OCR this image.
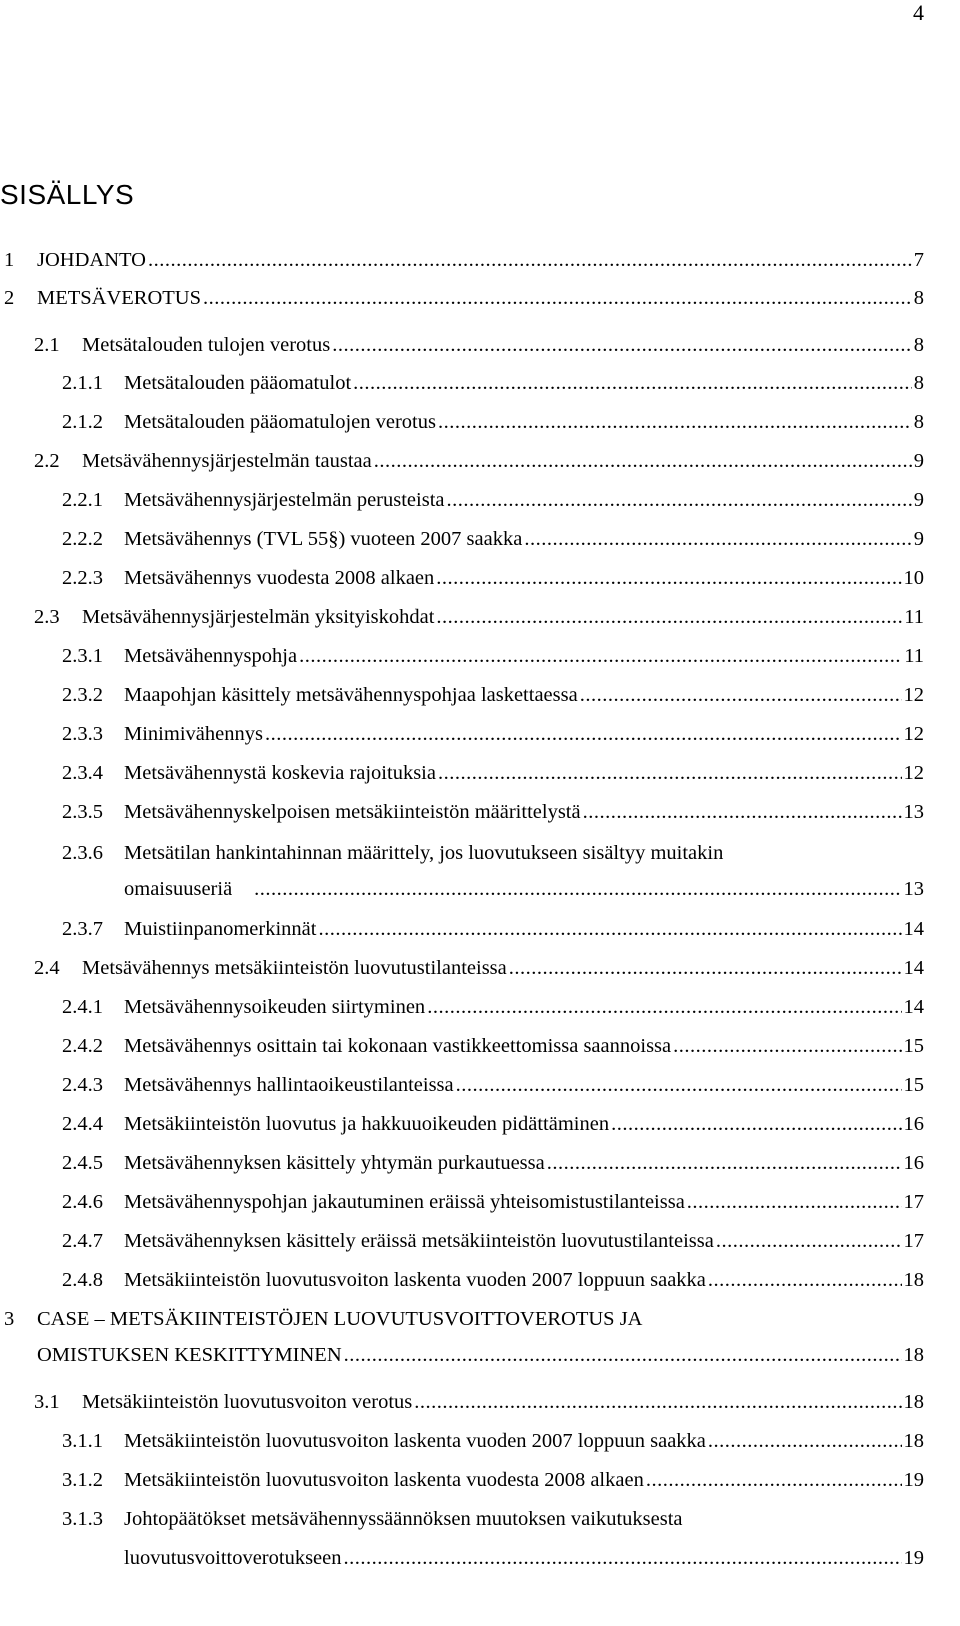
4
SISÄLLYS
1	JOHDANTO .....	7
2	METSÄVEROTUS .....	8
2.1	Metsätalouden tulojen verotus .....	8
2.1.1	Metsätalouden pääomatulot .....	8
2.1.2	Metsätalouden pääomatulojen verotus .....	8
2.2	Metsävähennysjärjestelmän taustaa .....	9
2.2.1	Metsävähennysjärjestelmän perusteista .....	9
2.2.2	Metsävähennys (TVL 55§) vuoteen 2007 saakka .....	9
2.2.3	Metsävähennys vuodesta 2008 alkaen .....	10
2.3	Metsävähennysjärjestelmän yksityiskohdat .....	11
2.3.1	Metsävähennyspohja .....	11
2.3.2	Maapohjan käsittely metsävähennyspohjaa laskettaessa .....	12
2.3.3	Minimivähennys .....	12
2.3.4	Metsävähennystä koskevia rajoituksia .....	12
2.3.5	Metsävähennyskelpoisen metsäkiinteistön määrittelystä .....	13
2.3.6 Metsätilan hankintahinnan määrittely, jos luovutukseen sisältyy muitakin
omaisuuseriä .....	13
2.3.7	Muistiinpanomerkinnät .....	14
2.4	Metsävähennys metsäkiinteistön luovutustilanteissa .....	14
2.4.1	Metsävähennysoikeuden siirtyminen .....	14
2.4.2	Metsävähennys osittain tai kokonaan vastikkeettomissa saannoissa .....	15
2.4.3	Metsävähennys hallintaoikeustilanteissa .....	15
2.4.4	Metsäkiinteistön luovutus ja hakkuuoikeuden pidättäminen .....	16
2.4.5	Metsävähennyksen käsittely yhtymän purkautuessa .....	16
2.4.6	Metsävähennyspohjan jakautuminen eräissä yhteisomistustilanteissa .....	17
2.4.7	Metsävähennyksen käsittely eräissä metsäkiinteistön luovutustilanteissa .....	17
2.4.8	Metsäkiinteistön luovutusvoiton laskenta vuoden 2007 loppuun saakka .....	18
3 CASE – METSÄKIINTEISTÖJEN LUOVUTUSVOITTOVEROTUS JA
OMISTUKSEN KESKITTYMINEN .....	18
3.1	Metsäkiinteistön luovutusvoiton verotus .....	18
3.1.1	Metsäkiinteistön luovutusvoiton laskenta vuoden 2007 loppuun saakka .....	18
3.1.2	Metsäkiinteistön luovutusvoiton laskenta vuodesta 2008 alkaen .....	19
3.1.3 Johtopäätökset metsävähennyssäännöksen muutoksen vaikutuksesta
luovutusvoittoverotukseen .....	19
